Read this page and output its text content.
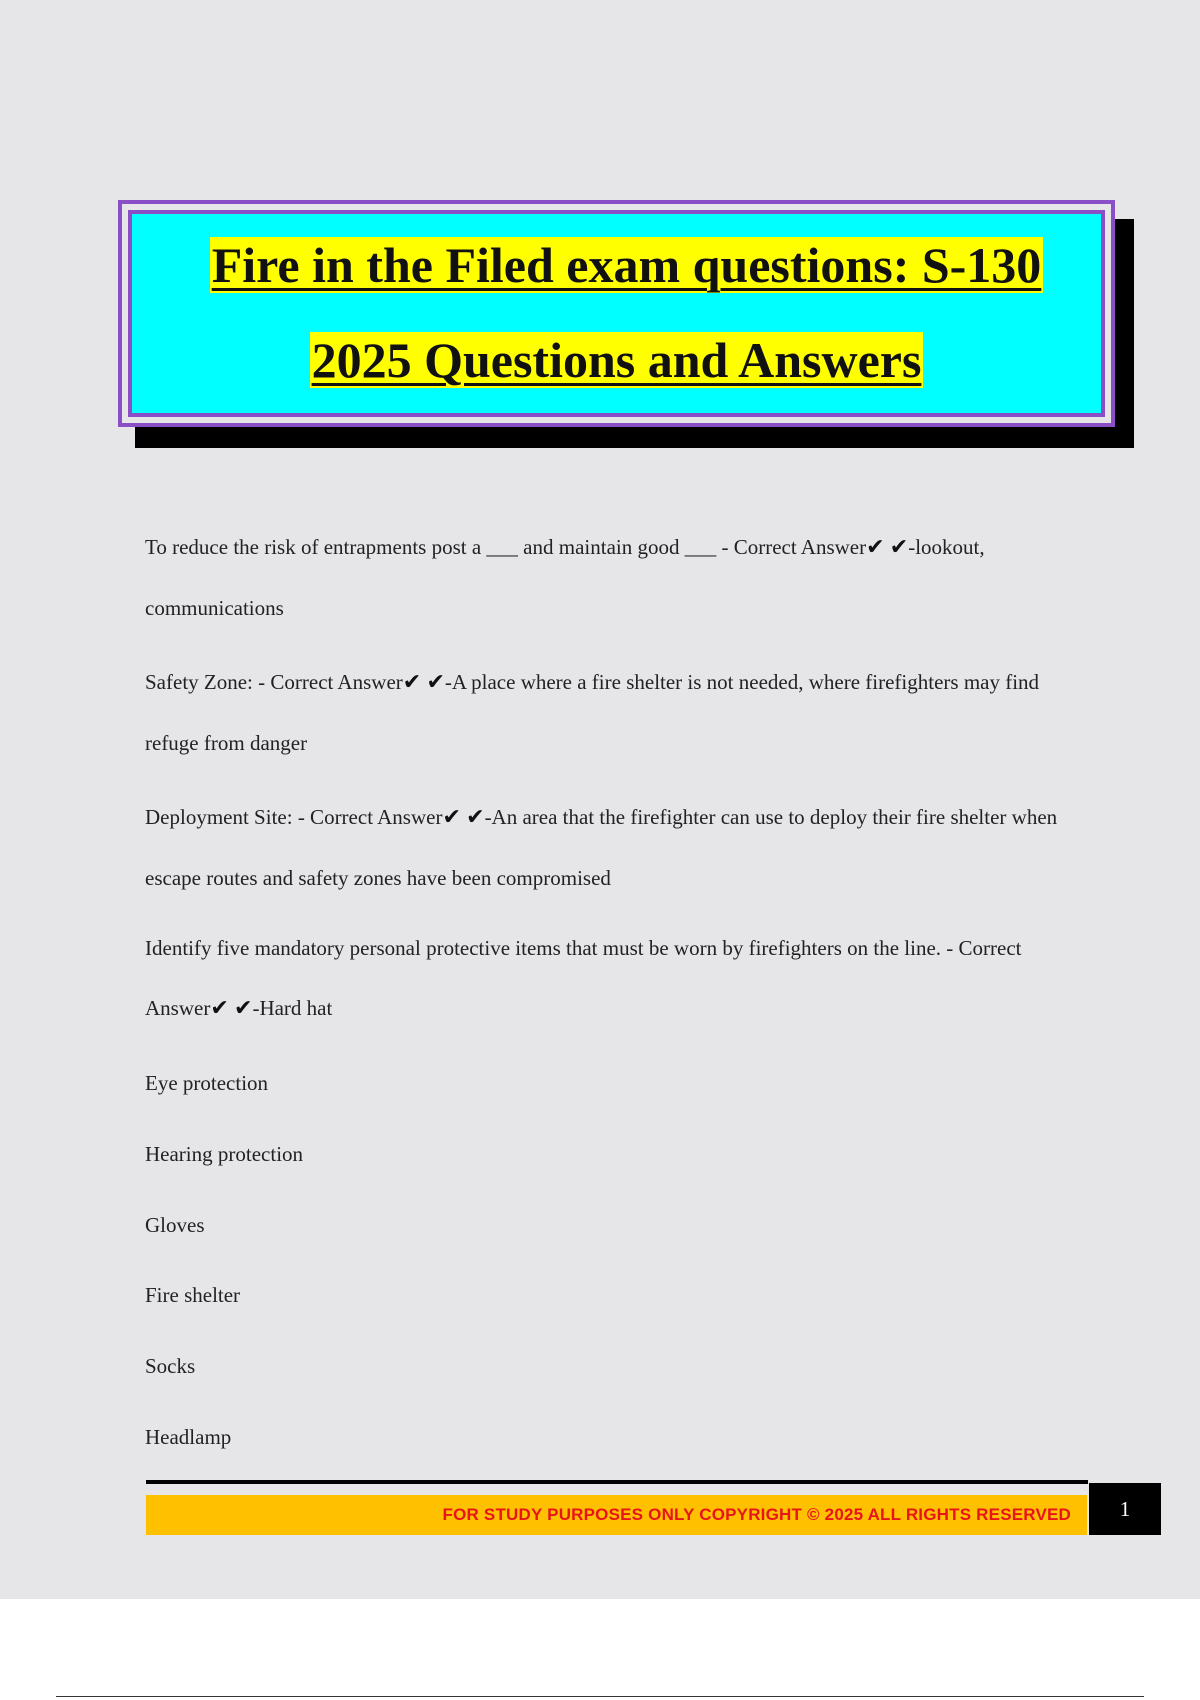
Fire in the Filed exam questions: S-130
2025 Questions and Answers

To reduce the risk of entrapments post a ___ and maintain good ___ - Correct Answer✔ ✔-lookout, communications

Safety Zone: - Correct Answer✔ ✔-A place where a fire shelter is not needed, where firefighters may find refuge from danger

Deployment Site: - Correct Answer✔ ✔-An area that the firefighter can use to deploy their fire shelter when escape routes and safety zones have been compromised

Identify five mandatory personal protective items that must be worn by firefighters on the line. - Correct Answer✔ ✔-Hard hat

Eye protection
Hearing protection
Gloves
Fire shelter
Socks
Headlamp
FOR STUDY PURPOSES ONLY COPYRIGHT © 2025 ALL RIGHTS RESERVED	1
